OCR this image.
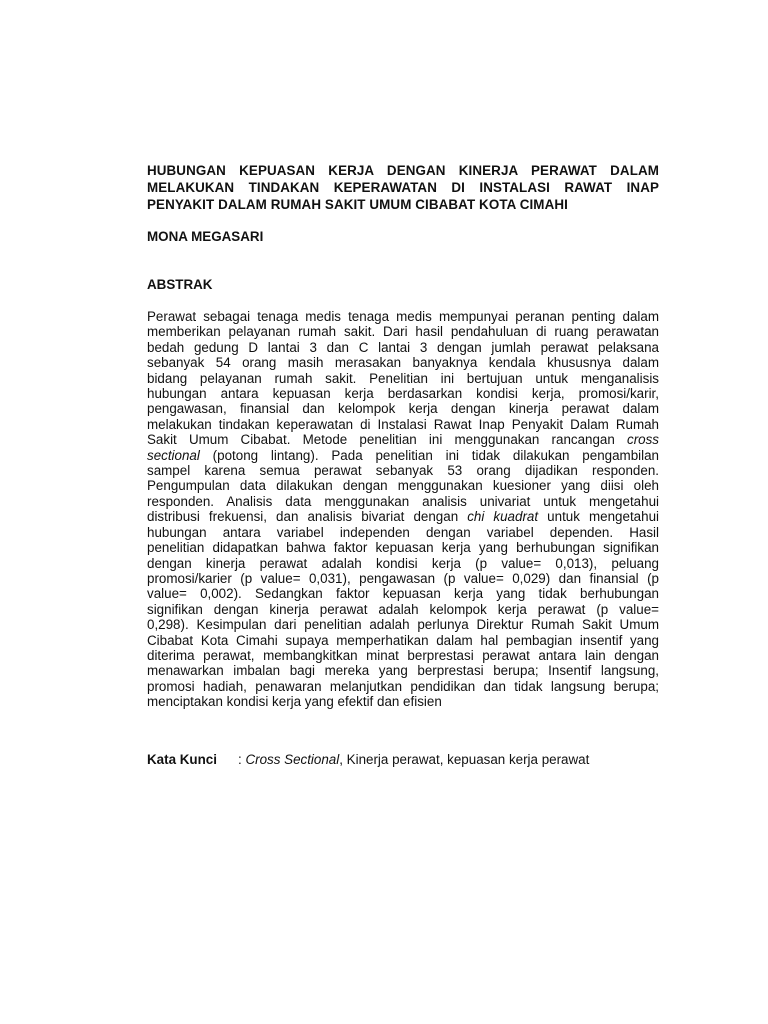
HUBUNGAN KEPUASAN KERJA DENGAN KINERJA PERAWAT DALAM
MELAKUKAN TINDAKAN KEPERAWATAN DI INSTALASI RAWAT INAP
PENYAKIT DALAM RUMAH SAKIT UMUM CIBABAT KOTA CIMAHI

MONA MEGASARI

ABSTRAK
Perawat sebagai tenaga medis tenaga medis mempunyai peranan penting dalam
memberikan pelayanan rumah sakit. Dari hasil pendahuluan di ruang perawatan
bedah gedung D lantai 3 dan C lantai 3 dengan jumlah perawat pelaksana
sebanyak 54 orang masih merasakan banyaknya kendala khususnya dalam
bidang pelayanan rumah sakit. Penelitian ini bertujuan untuk menganalisis
hubungan antara kepuasan kerja berdasarkan kondisi kerja, promosi/karir,
pengawasan, finansial dan kelompok kerja dengan kinerja perawat dalam
melakukan tindakan keperawatan di Instalasi Rawat Inap Penyakit Dalam Rumah
Sakit Umum Cibabat. Metode penelitian ini menggunakan rancangan cross
sectional (potong lintang). Pada penelitian ini tidak dilakukan pengambilan
sampel karena semua perawat sebanyak 53 orang dijadikan responden.
Pengumpulan data dilakukan dengan menggunakan kuesioner yang diisi oleh
responden. Analisis data menggunakan analisis univariat untuk mengetahui
distribusi frekuensi, dan analisis bivariat dengan chi kuadrat untuk mengetahui
hubungan antara variabel independen dengan variabel dependen. Hasil
penelitian didapatkan bahwa faktor kepuasan kerja yang berhubungan signifikan
dengan kinerja perawat adalah kondisi kerja (p value= 0,013), peluang
promosi/karier (p value= 0,031), pengawasan (p value= 0,029) dan finansial (p
value= 0,002). Sedangkan faktor kepuasan kerja yang tidak berhubungan
signifikan dengan kinerja perawat adalah kelompok kerja perawat (p value=
0,298). Kesimpulan dari penelitian adalah perlunya Direktur Rumah Sakit Umum
Cibabat Kota Cimahi supaya memperhatikan dalam hal pembagian insentif yang
diterima perawat, membangkitkan minat berprestasi perawat antara lain dengan
menawarkan imbalan bagi mereka yang berprestasi berupa; Insentif langsung,
promosi hadiah, penawaran melanjutkan pendidikan dan tidak langsung berupa;
menciptakan kondisi kerja yang efektif dan efisien

Kata Kunci : Cross Sectional, Kinerja perawat, kepuasan kerja perawat
